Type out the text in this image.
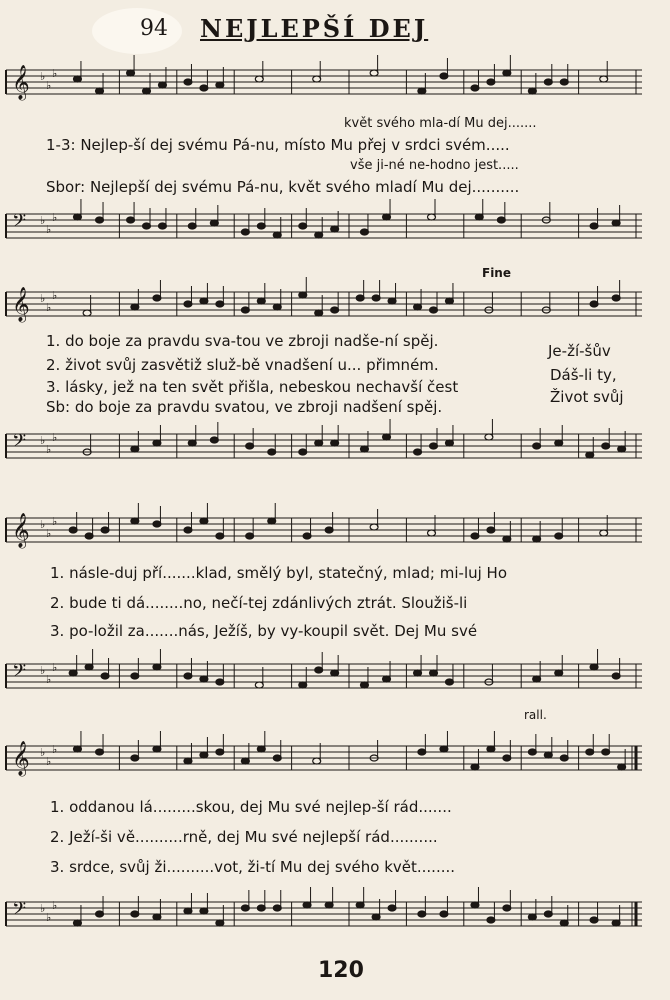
94 NEJLEPŠÍ DEJ
𝄞 ♭
♭
♭
květ svého mla-dí Mu dej.......
1-3: Nejlep-ší dej svému Pá-nu, místo Mu přej v srdci svém.....
vše ji-né ne-hodno jest.....
Sbor: Nejlepší dej svému Pá-nu, květ svého mladí Mu dej..........
𝄢 ♭
♭
♭
Fine
𝄞 ♭
♭
♭
1. do boje za pravdu sva-tou ve zbroji nadše-ní spěj.
2. život svůj zasvětiž služ-bě vnadšení u... přimném.
3. lásky, jež na ten svět přišla, nebeskou nechavší čest
Sb: do boje za pravdu svatou, ve zbroji nadšení spěj.
Je-ží-šův
Dáš-li ty,
Život svůj
𝄢 ♭
♭
♭
𝄞 ♭
♭
♭
1. násle-duj pří.......klad, smělý byl, statečný, mlad; mi-luj Ho
2. bude ti dá........no, nečí-tej zdánlivých ztrát. Sloužiš-li
3. po-ložil za.......nás, Ježíš, by vy-koupil svět. Dej Mu své
𝄢 ♭
♭
♭
rall.
𝄞 ♭
♭
♭
1. oddanou lá.........skou, dej Mu své nejlep-ší rád.......
2. Ježí-ši vě..........rně, dej Mu své nejlepší rád..........
3. srdce, svůj ži..........vot, ži-tí Mu dej svého květ........
𝄢 ♭
♭
♭
120
